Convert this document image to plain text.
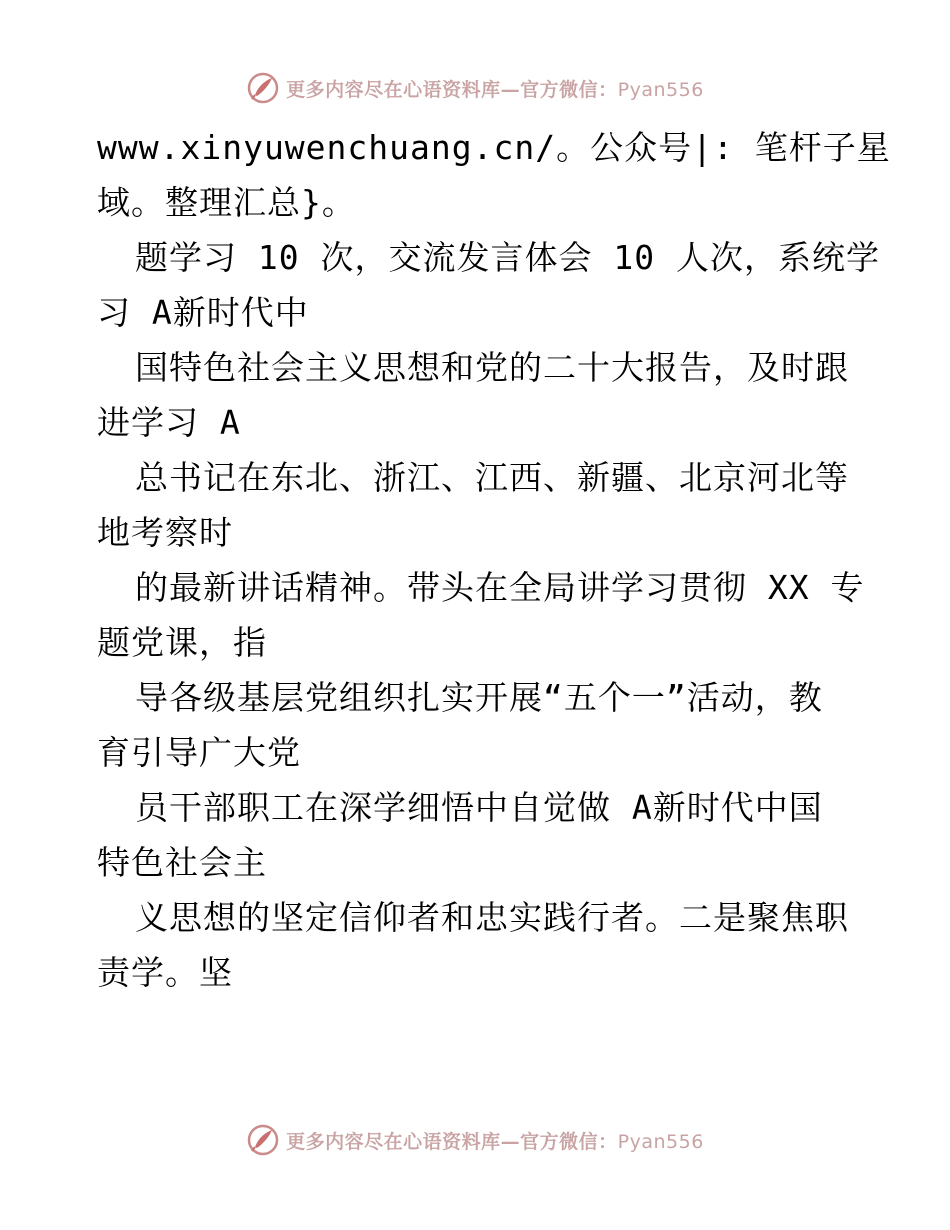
更多内容尽在心语资料库—官方微信：Pyan556
www.xinyuwenchuang.cn/。公众号|: 笔杆子星
域。整理汇总}。
题学习 10 次，交流发言体会 10 人次，系统学
习 A新时代中
国特色社会主义思想和党的二十大报告，及时跟
进学习 A
总书记在东北、浙江、江西、新疆、北京河北等
地考察时
的最新讲话精神。带头在全局讲学习贯彻 XX 专
题党课，指
导各级基层党组织扎实开展“五个一”活动，教
育引导广大党
员干部职工在深学细悟中自觉做 A新时代中国
特色社会主
义思想的坚定信仰者和忠实践行者。二是聚焦职
责学。坚
更多内容尽在心语资料库—官方微信：Pyan556
